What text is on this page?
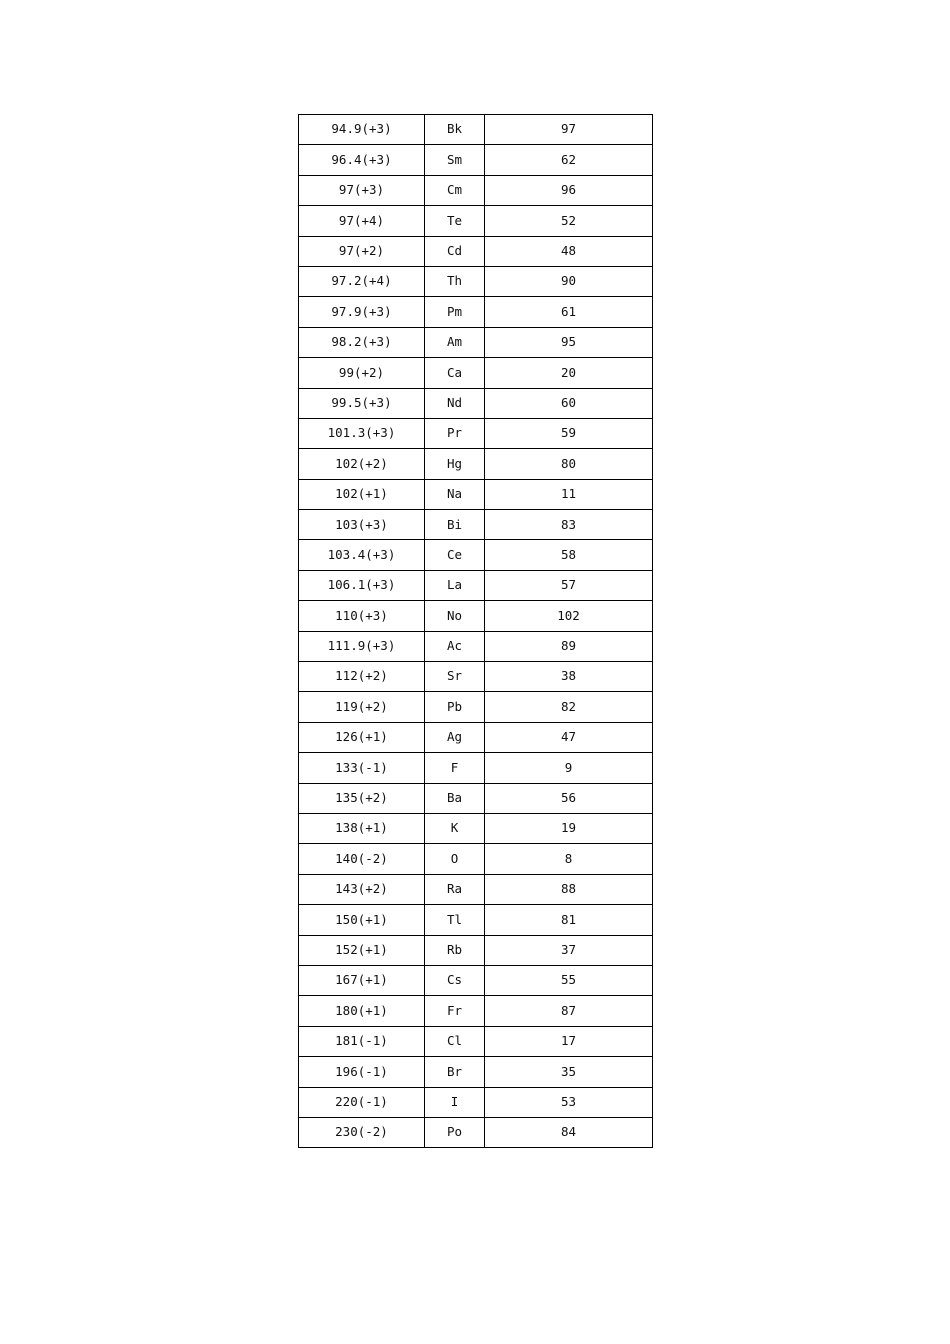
94.9(+3)	Bk	97
96.4(+3)	Sm	62
97(+3)	Cm	96
97(+4)	Te	52
97(+2)	Cd	48
97.2(+4)	Th	90
97.9(+3)	Pm	61
98.2(+3)	Am	95
99(+2)	Ca	20
99.5(+3)	Nd	60
101.3(+3)	Pr	59
102(+2)	Hg	80
102(+1)	Na	11
103(+3)	Bi	83
103.4(+3)	Ce	58
106.1(+3)	La	57
110(+3)	No	102
111.9(+3)	Ac	89
112(+2)	Sr	38
119(+2)	Pb	82
126(+1)	Ag	47
133(-1)	F	9
135(+2)	Ba	56
138(+1)	K	19
140(-2)	O	8
143(+2)	Ra	88
150(+1)	Tl	81
152(+1)	Rb	37
167(+1)	Cs	55
180(+1)	Fr	87
181(-1)	Cl	17
196(-1)	Br	35
220(-1)	I	53
230(-2)	Po	84
